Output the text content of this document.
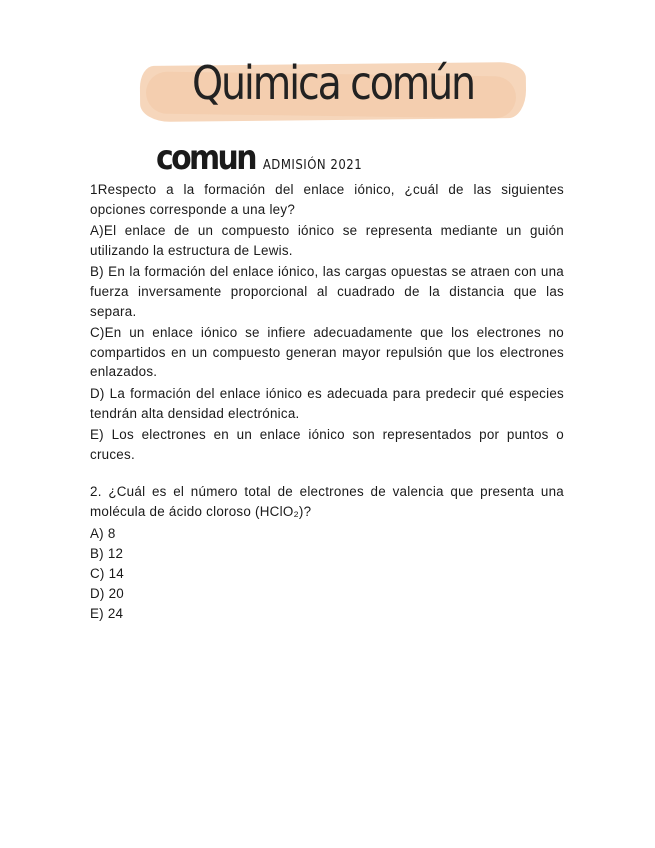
Quimica común
comun ADMISIÓN 2021

1Respecto a la formación del enlace iónico, ¿cuál de las siguientes opciones corresponde a una ley?

A)El enlace de un compuesto iónico se representa mediante un guión utilizando la estructura de Lewis.

B) En la formación del enlace iónico, las cargas opuestas se atraen con una fuerza inversamente proporcional al cuadrado de la distancia que las separa.

C)En un enlace iónico se infiere adecuadamente que los electrones no compartidos en un compuesto generan mayor repulsión que los electrones enlazados.

D) La formación del enlace iónico es adecuada para predecir qué especies tendrán alta densidad electrónica.

E) Los electrones en un enlace iónico son representados por puntos o cruces.

2. ¿Cuál es el número total de electrones de valencia que presenta una molécula de ácido cloroso (HClO₂)?

A) 8

B) 12

C) 14

D) 20

E) 24
